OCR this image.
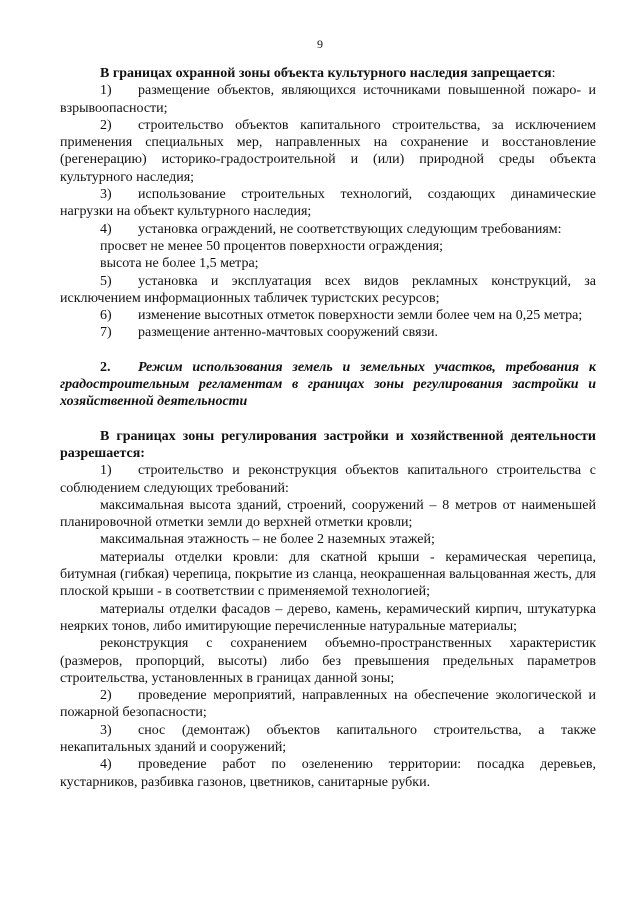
9

В границах охранной зоны объекта культурного наследия запрещается:

1) размещение объектов, являющихся источниками повышенной пожаро- и взрывоопасности;

2) строительство объектов капитального строительства, за исключением применения специальных мер, направленных на сохранение и восстановление (регенерацию) историко-градостроительной и (или) природной среды объекта культурного наследия;

3) использование строительных технологий, создающих динамические нагрузки на объект культурного наследия;

4) установка ограждений, не соответствующих следующим требованиям:

просвет не менее 50 процентов поверхности ограждения;

высота не более 1,5 метра;

5) установка и эксплуатация всех видов рекламных конструкций, за исключением информационных табличек туристских ресурсов;

6) изменение высотных отметок поверхности земли более чем на 0,25 метра;

7) размещение антенно-мачтовых сооружений связи.

2. Режим использования земель и земельных участков, требования к градостроительным регламентам в границах зоны регулирования застройки и хозяйственной деятельности

В границах зоны регулирования застройки и хозяйственной деятельности разрешается:

1) строительство и реконструкция объектов капитального строительства с соблюдением следующих требований:

максимальная высота зданий, строений, сооружений – 8 метров от наименьшей планировочной отметки земли до верхней отметки кровли;

максимальная этажность – не более 2 наземных этажей;

материалы отделки кровли: для скатной крыши - керамическая черепица, битумная (гибкая) черепица, покрытие из сланца, неокрашенная вальцованная жесть, для плоской крыши - в соответствии с применяемой технологией;

материалы отделки фасадов – дерево, камень, керамический кирпич, штукатурка неярких тонов, либо имитирующие перечисленные натуральные материалы;

реконструкция с сохранением объемно-пространственных характеристик (размеров, пропорций, высоты) либо без превышения предельных параметров строительства, установленных в границах данной зоны;

2) проведение мероприятий, направленных на обеспечение экологической и пожарной безопасности;

3) снос (демонтаж) объектов капитального строительства, а также некапитальных зданий и сооружений;

4) проведение работ по озеленению территории: посадка деревьев, кустарников, разбивка газонов, цветников, санитарные рубки.
